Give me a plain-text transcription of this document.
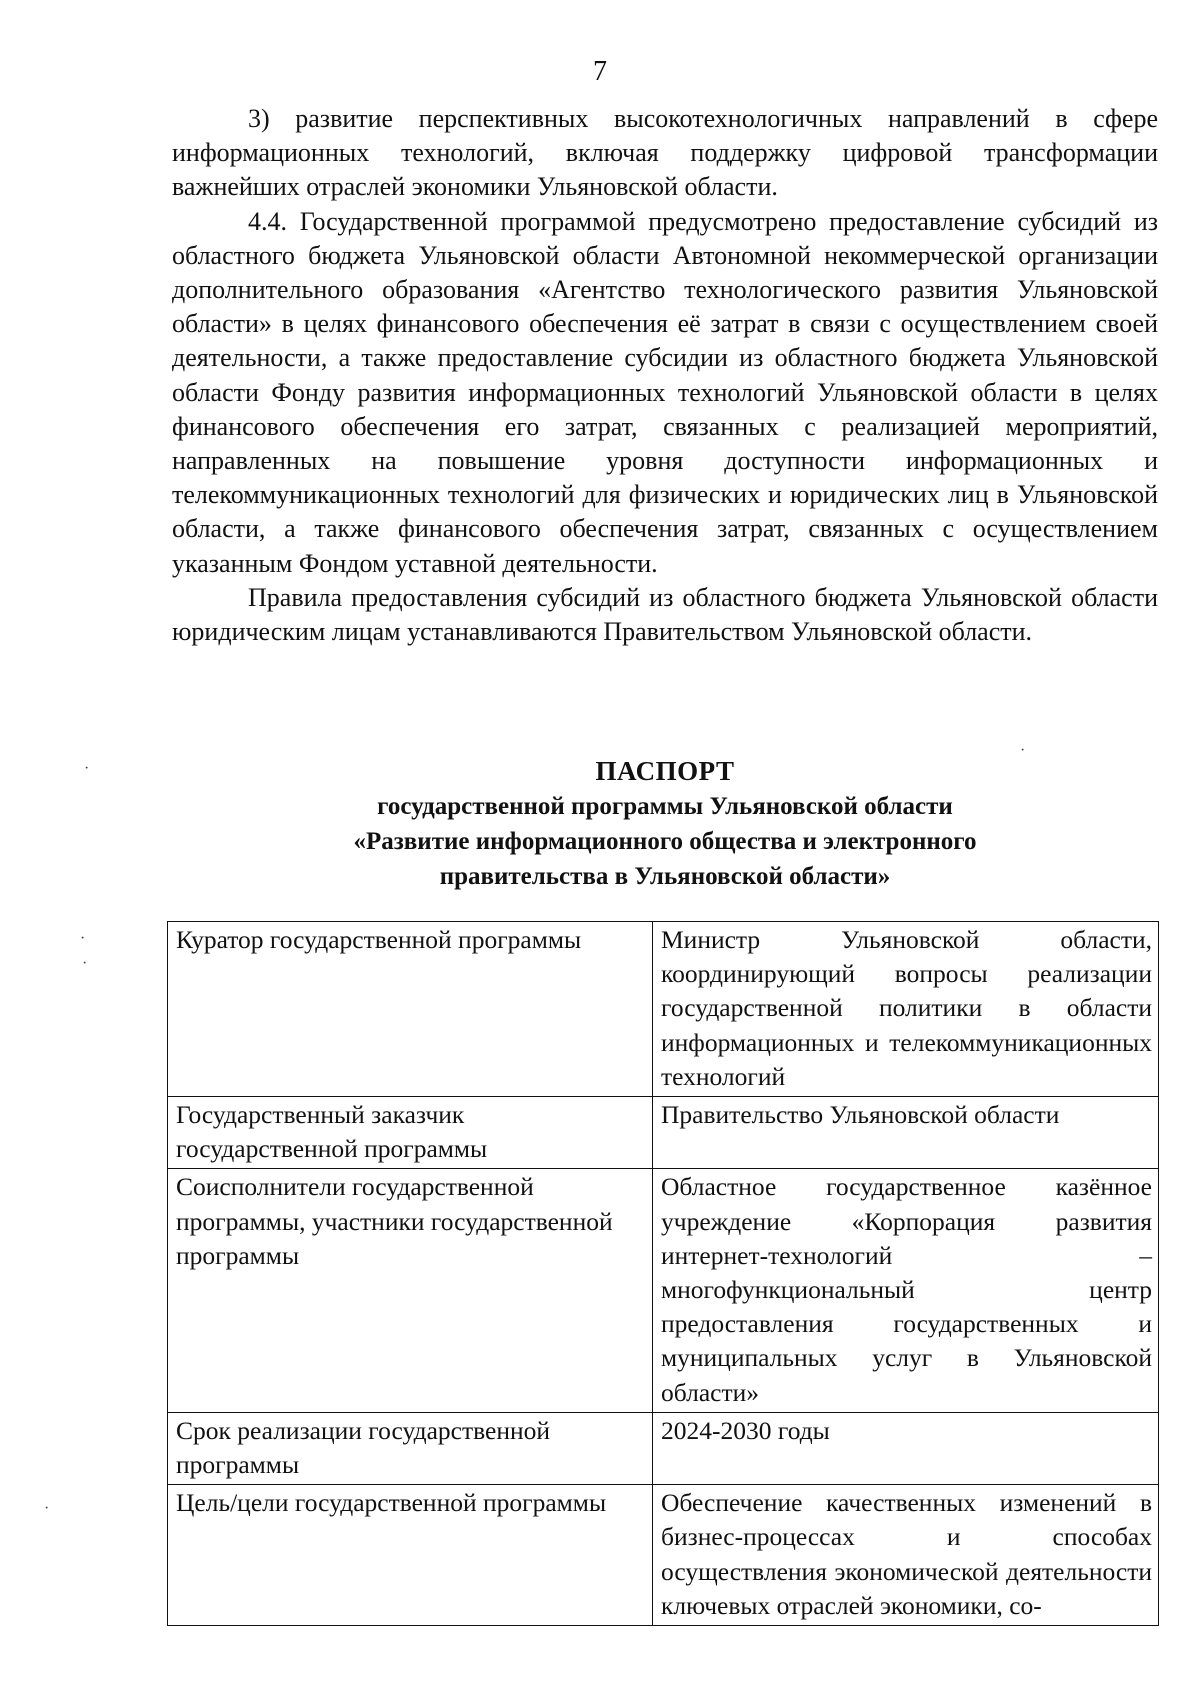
7

3) развитие перспективных высокотехнологичных направлений в сфере информационных технологий, включая поддержку цифровой трансформации важнейших отраслей экономики Ульяновской области.

4.4. Государственной программой предусмотрено предоставление субсидий из областного бюджета Ульяновской области Автономной некоммерческой организации дополнительного образования «Агентство технологического развития Ульяновской области» в целях финансового обеспечения её затрат в связи с осуществлением своей деятельности, а также предоставление субсидии из областного бюджета Ульяновской области Фонду развития информационных технологий Ульяновской области в целях финансового обеспечения его затрат, связанных с реализацией мероприятий, направленных на повышение уровня доступности информационных и телекоммуникационных технологий для физических и юридических лиц в Ульяновской области, а также финансового обеспечения затрат, связанных с осуществлением указанным Фондом уставной деятельности.

Правила предоставления субсидий из областного бюджета Ульяновской области юридическим лицам устанавливаются Правительством Ульяновской области.

ПАСПОРТ
государственной программы Ульяновской области
«Развитие информационного общества и электронного
правительства в Ульяновской области»
Куратор государственной программы	Министр Ульяновской области, координирующий вопросы реализации государственной политики в области информационных и телекоммуникационных технологий
Государственный заказчик государственной программы	Правительство Ульяновской области
Соисполнители государственной программы, участники государственной программы	Областное государственное казённое учреждение «Корпорация развития интернет-технологий – многофункциональный центр предоставления государственных и муниципальных услуг в Ульяновской области»
Срок реализации государственной программы	2024-2030 годы
Цель/цели государственной программы	Обеспечение качественных изменений в бизнес-процессах и способах осуществления экономической деятельности ключевых отраслей экономики, со-
·
·
·
·
·
